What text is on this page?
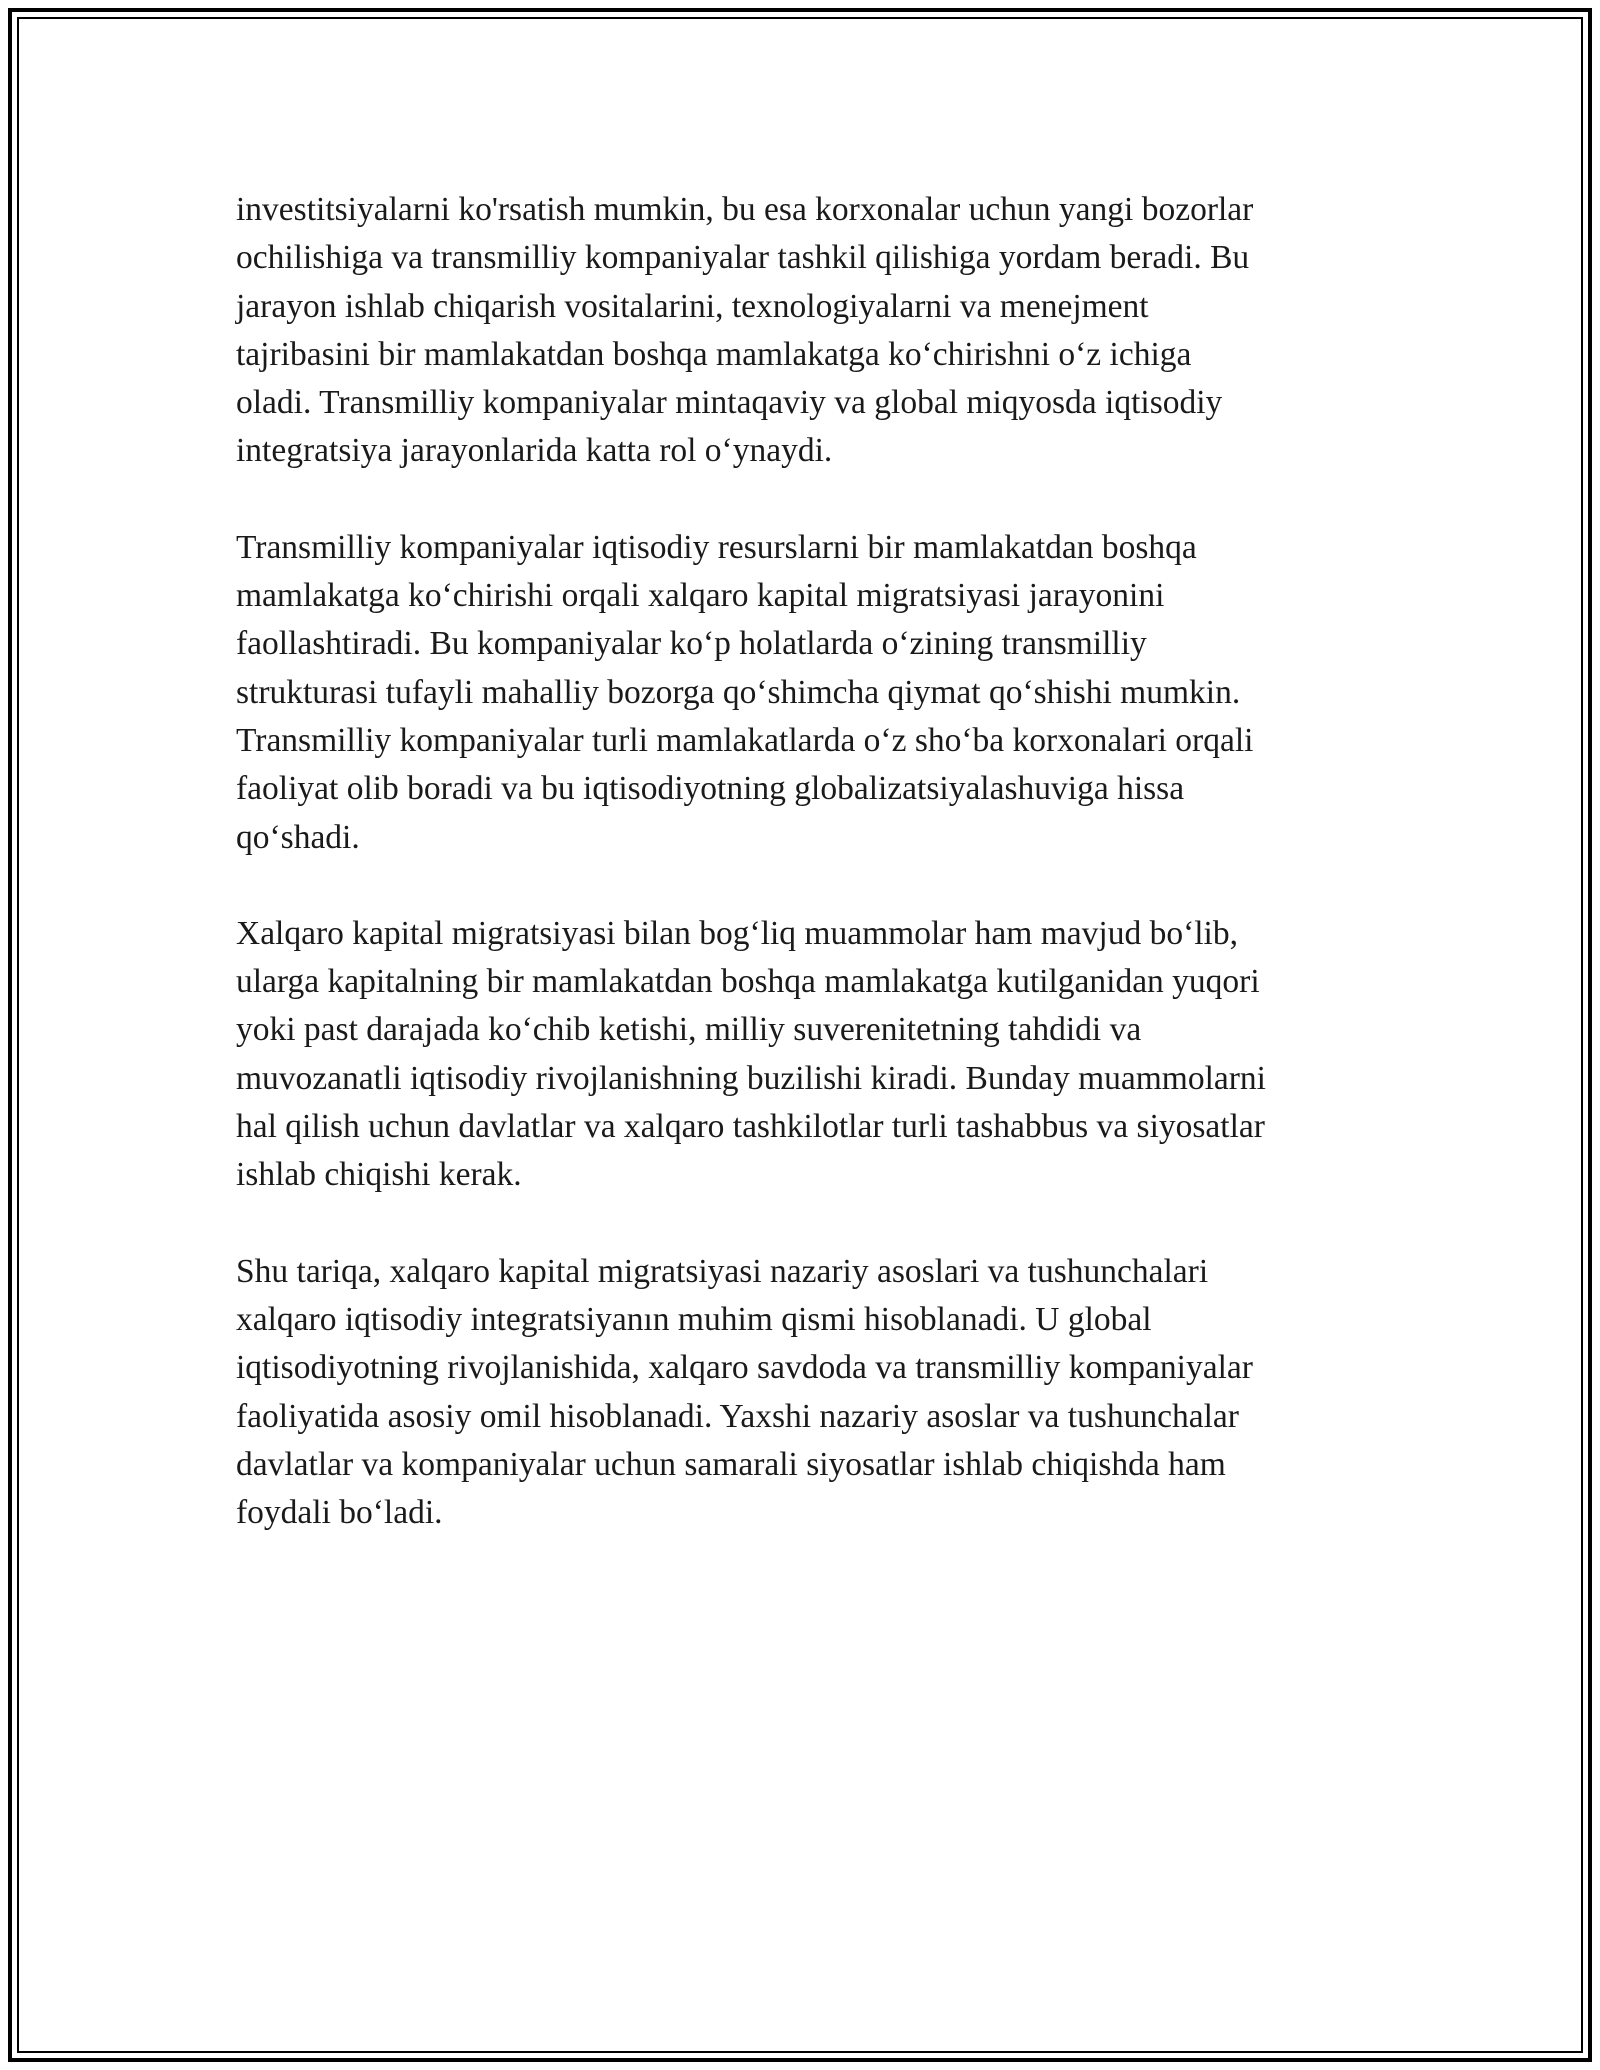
investitsiyalarni ko'rsatish mumkin, bu esa korxonalar uchun yangi bozorlar
ochilishiga va transmilliy kompaniyalar tashkil qilishiga yordam beradi. Bu
jarayon ishlab chiqarish vositalarini, texnologiyalarni va menejment
tajribasini bir mamlakatdan boshqa mamlakatga koʻchirishni oʻz ichiga
oladi. Transmilliy kompaniyalar mintaqaviy va global miqyosda iqtisodiy
integratsiya jarayonlarida katta rol oʻynaydi.

Transmilliy kompaniyalar iqtisodiy resurslarni bir mamlakatdan boshqa
mamlakatga koʻchirishi orqali xalqaro kapital migratsiyasi jarayonini
faollashtiradi. Bu kompaniyalar koʻp holatlarda oʻzining transmilliy
strukturasi tufayli mahalliy bozorga qoʻshimcha qiymat qoʻshishi mumkin.
Transmilliy kompaniyalar turli mamlakatlarda oʻz shoʻba korxonalari orqali
faoliyat olib boradi va bu iqtisodiyotning globalizatsiyalashuviga hissa
qoʻshadi.

Xalqaro kapital migratsiyasi bilan bogʻliq muammolar ham mavjud boʻlib,
ularga kapitalning bir mamlakatdan boshqa mamlakatga kutilganidan yuqori
yoki past darajada koʻchib ketishi, milliy suverenitetning tahdidi va
muvozanatli iqtisodiy rivojlanishning buzilishi kiradi. Bunday muammolarni
hal qilish uchun davlatlar va xalqaro tashkilotlar turli tashabbus va siyosatlar
ishlab chiqishi kerak.

Shu tariqa, xalqaro kapital migratsiyasi nazariy asoslari va tushunchalari
xalqaro iqtisodiy integratsiyanın muhim qismi hisoblanadi. U global
iqtisodiyotning rivojlanishida, xalqaro savdoda va transmilliy kompaniyalar
faoliyatida asosiy omil hisoblanadi. Yaxshi nazariy asoslar va tushunchalar
davlatlar va kompaniyalar uchun samarali siyosatlar ishlab chiqishda ham
foydali boʻladi.
